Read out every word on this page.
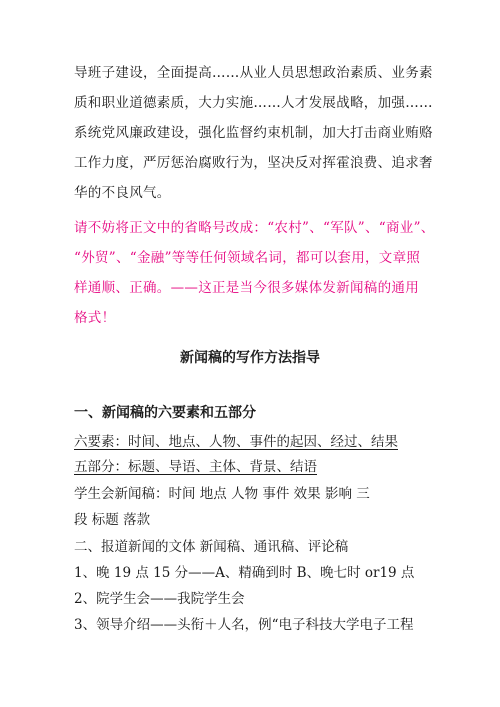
导班子建设，全面提高……从业人员思想政治素质、业务素
质和职业道德素质，大力实施……人才发展战略，加强……
系统党风廉政建设，强化监督约束机制，加大打击商业贿赂
工作力度，严厉惩治腐败行为，坚决反对挥霍浪费、追求奢
华的不良风气。
请不妨将正文中的省略号改成：“农村”、“军队”、“商业”、
“外贸”、“金融”等等任何领域名词，都可以套用，文章照
样通顺、正确。——这正是当今很多媒体发新闻稿的通用
格式！
新闻稿的写作方法指导
一、新闻稿的六要素和五部分
六要素：时间、地点、人物、事件的起因、经过、结果
五部分：标题、导语、主体、背景、结语
学生会新闻稿：时间 地点 人物 事件 效果 影响 三
段 标题 落款
二、报道新闻的文体 新闻稿、通讯稿、评论稿
1、晚 19 点 15 分——A、精确到时 B、晚七时 or19 点
2、院学生会——我院学生会
3、领导介绍——头衔＋人名，例“电子科技大学电子工程
